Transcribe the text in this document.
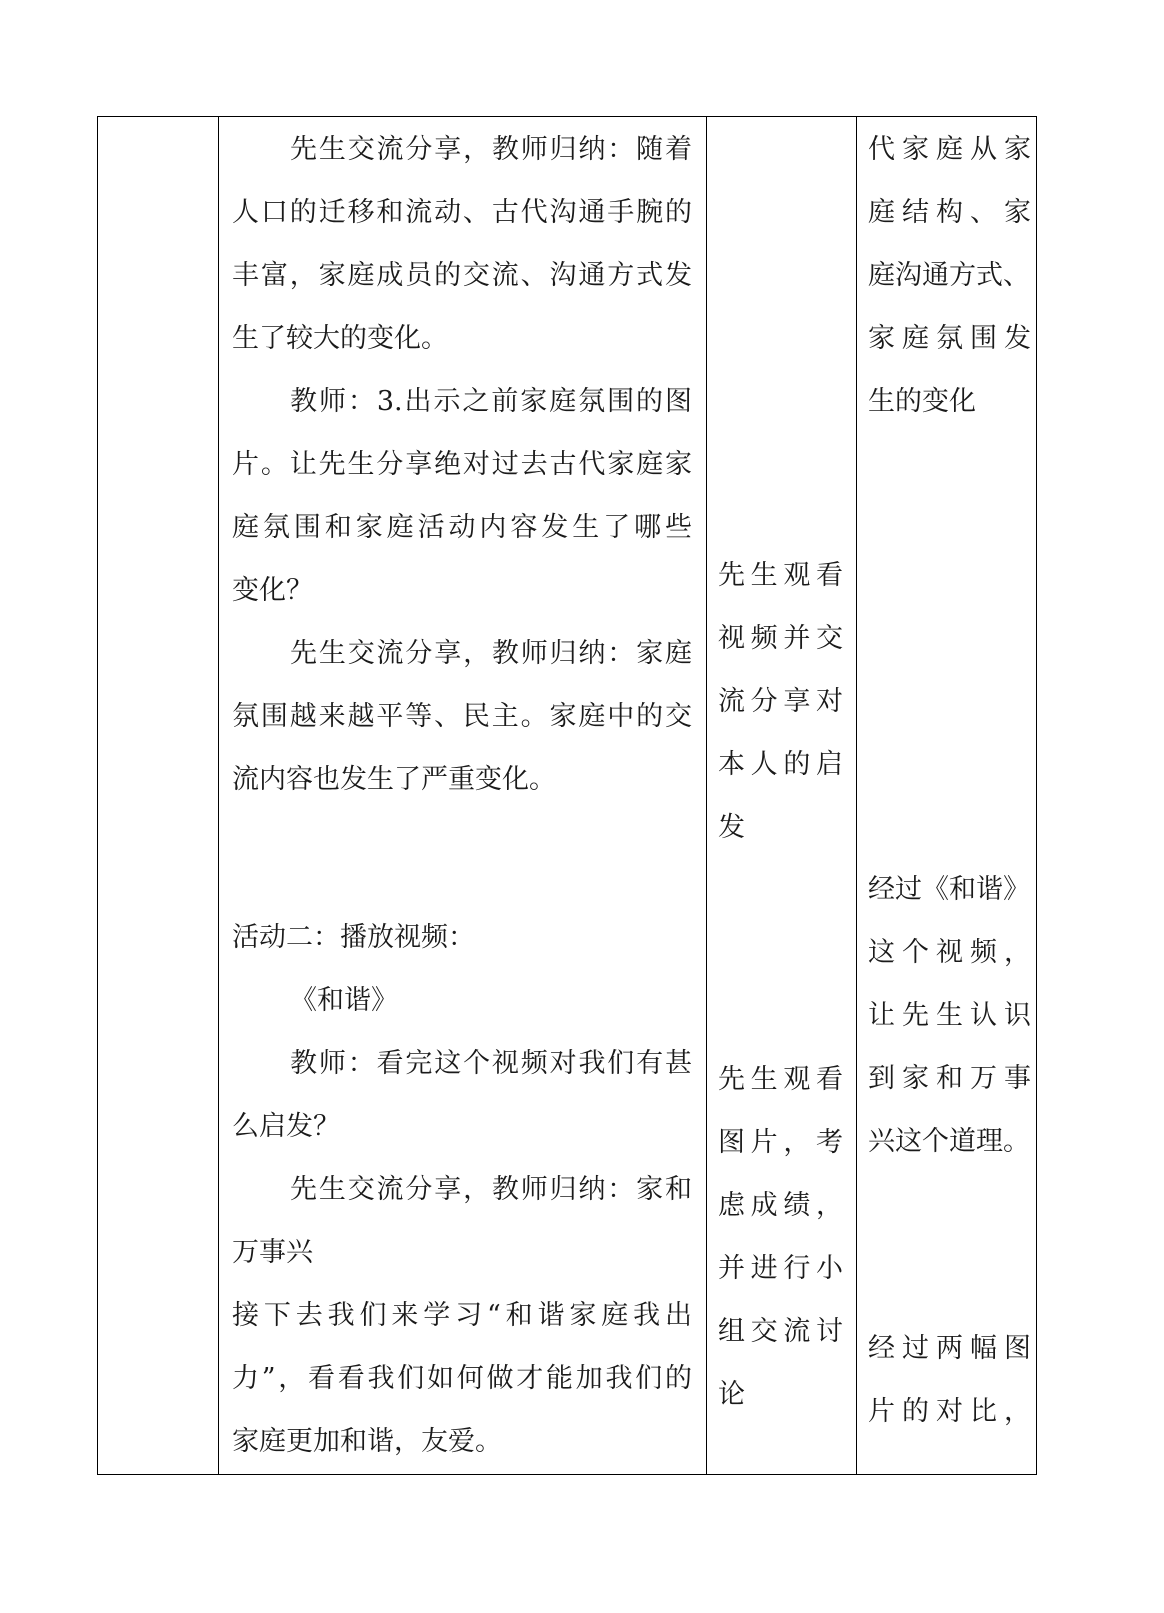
先生交流分享，教师归纳：随着
人口的迁移和流动、古代沟通手腕的
丰富，家庭成员的交流、沟通方式发
生了较大的变化。
教师：3.出示之前家庭氛围的图
片。让先生分享绝对过去古代家庭家
庭氛围和家庭活动内容发生了哪些
变化？
先生交流分享，教师归纳：家庭
氛围越来越平等、民主。家庭中的交
流内容也发生了严重变化。
活动二：播放视频：
《和谐》
教师：看完这个视频对我们有甚
么启发？
先生交流分享，教师归纳：家和
万事兴
接下去我们来学习“和谐家庭我出
力”，看看我们如何做才能加我们的
家庭更加和谐，友爱。
先生观看
视频并交
流分享对
本人的启
发
先生观看
图片，考
虑成绩，
并进行小
组交流讨
论
代家庭从家
庭结构、家
庭沟通方式、
家庭氛围发
生的变化
经过《和谐》
这个视频，
让先生认识
到家和万事
兴这个道理。
经过两幅图
片的对比，
